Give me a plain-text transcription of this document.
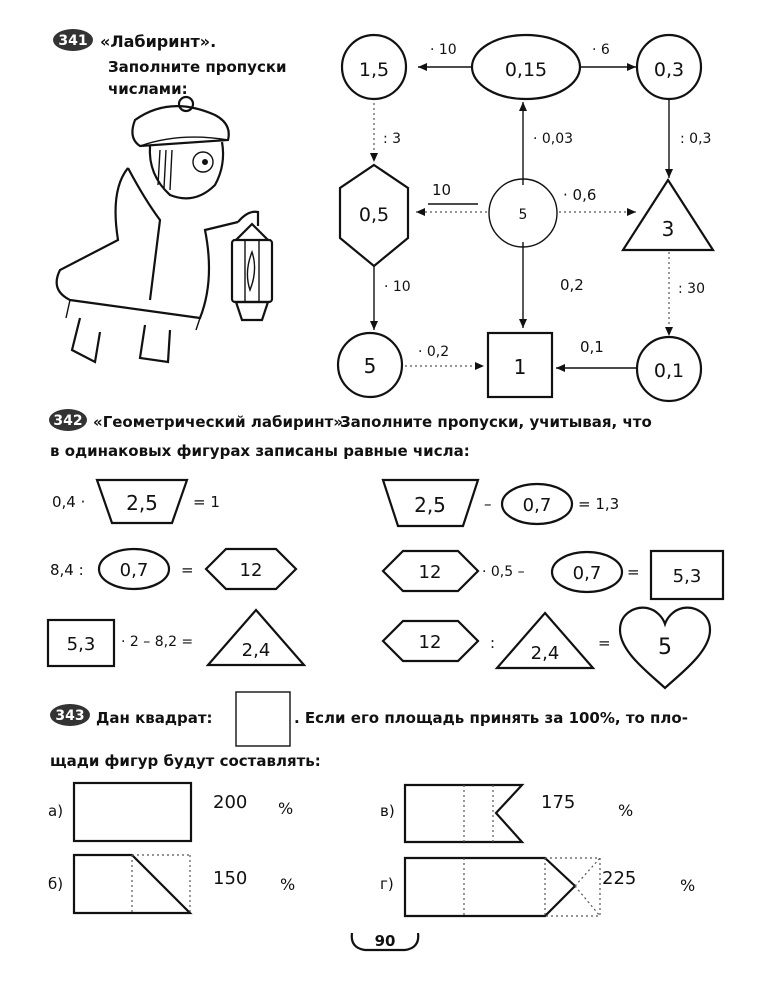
341 «Лабиринт».
Заполните пропуски
числами:
1,5	0,15	0,3
0,5	5
3
5	1	0,1
· 10	· 6
: 3	: 0,3
· 0,03
10	· 0,6
0,2
· 10	: 30
· 0,2	0,1
342 «Геометрический лабиринт».
Заполните пропуски, учитывая, что
в одинаковых фигурах записаны равные числа:
0,4 · 2,5 = 1	2,5	– 0,7 = 1,3
8,4 : 0,7 =	12	12	· 0,5 –	0,7 = 5,3
5,3 · 2 – 8,2 =	2,4	12	: 2,4	= 5
343 Дан квадрат:	. Если его площадь принять за 100%, то пло-
щади фигур будут составлять:
а)	200 %
б)	150 %
в)	175	%
г)	225	%
90
